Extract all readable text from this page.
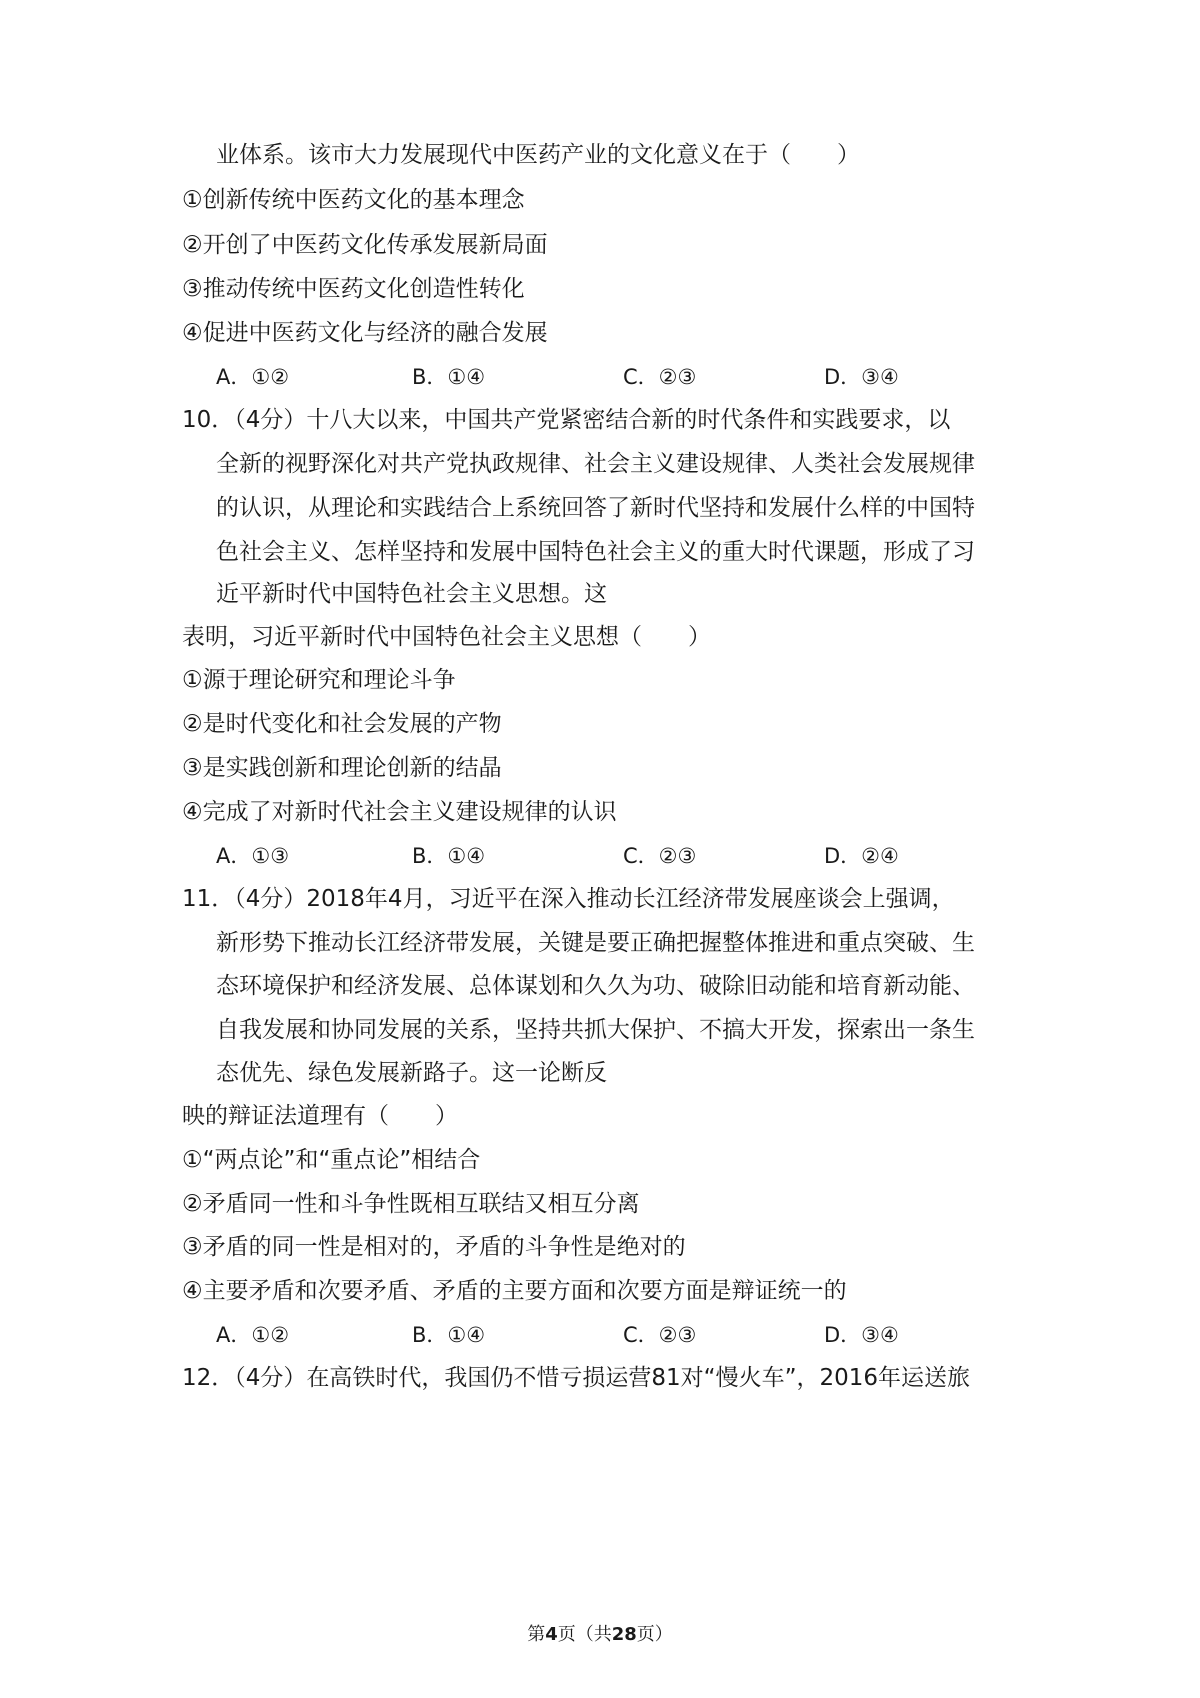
业体系。该市大力发展现代中医药产业的文化意义在于（　　）
①创新传统中医药文化的基本理念
②开创了中医药文化传承发展新局面
③推动传统中医药文化创造性转化
④促进中医药文化与经济的融合发展
A．①②	B．①④	C．②③	D．③④
10．（4分）十八大以来，中国共产党紧密结合新的时代条件和实践要求，以
全新的视野深化对共产党执政规律、社会主义建设规律、人类社会发展规律
的认识，从理论和实践结合上系统回答了新时代坚持和发展什么样的中国特
色社会主义、怎样坚持和发展中国特色社会主义的重大时代课题，形成了习
近平新时代中国特色社会主义思想。这
表明，习近平新时代中国特色社会主义思想（　　）
①源于理论研究和理论斗争
②是时代变化和社会发展的产物
③是实践创新和理论创新的结晶
④完成了对新时代社会主义建设规律的认识
A．①③	B．①④	C．②③	D．②④
11．（4分）2018年4月，习近平在深入推动长江经济带发展座谈会上强调，
新形势下推动长江经济带发展，关键是要正确把握整体推进和重点突破、生
态环境保护和经济发展、总体谋划和久久为功、破除旧动能和培育新动能、
自我发展和协同发展的关系，坚持共抓大保护、不搞大开发，探索出一条生
态优先、绿色发展新路子。这一论断反
映的辩证法道理有（　　）
①“两点论”和“重点论”相结合
②矛盾同一性和斗争性既相互联结又相互分离
③矛盾的同一性是相对的，矛盾的斗争性是绝对的
④主要矛盾和次要矛盾、矛盾的主要方面和次要方面是辩证统一的
A．①②	B．①④	C．②③	D．③④
12．（4分）在高铁时代，我国仍不惜亏损运营81对“慢火车”，2016年运送旅
第4页（共28页）
